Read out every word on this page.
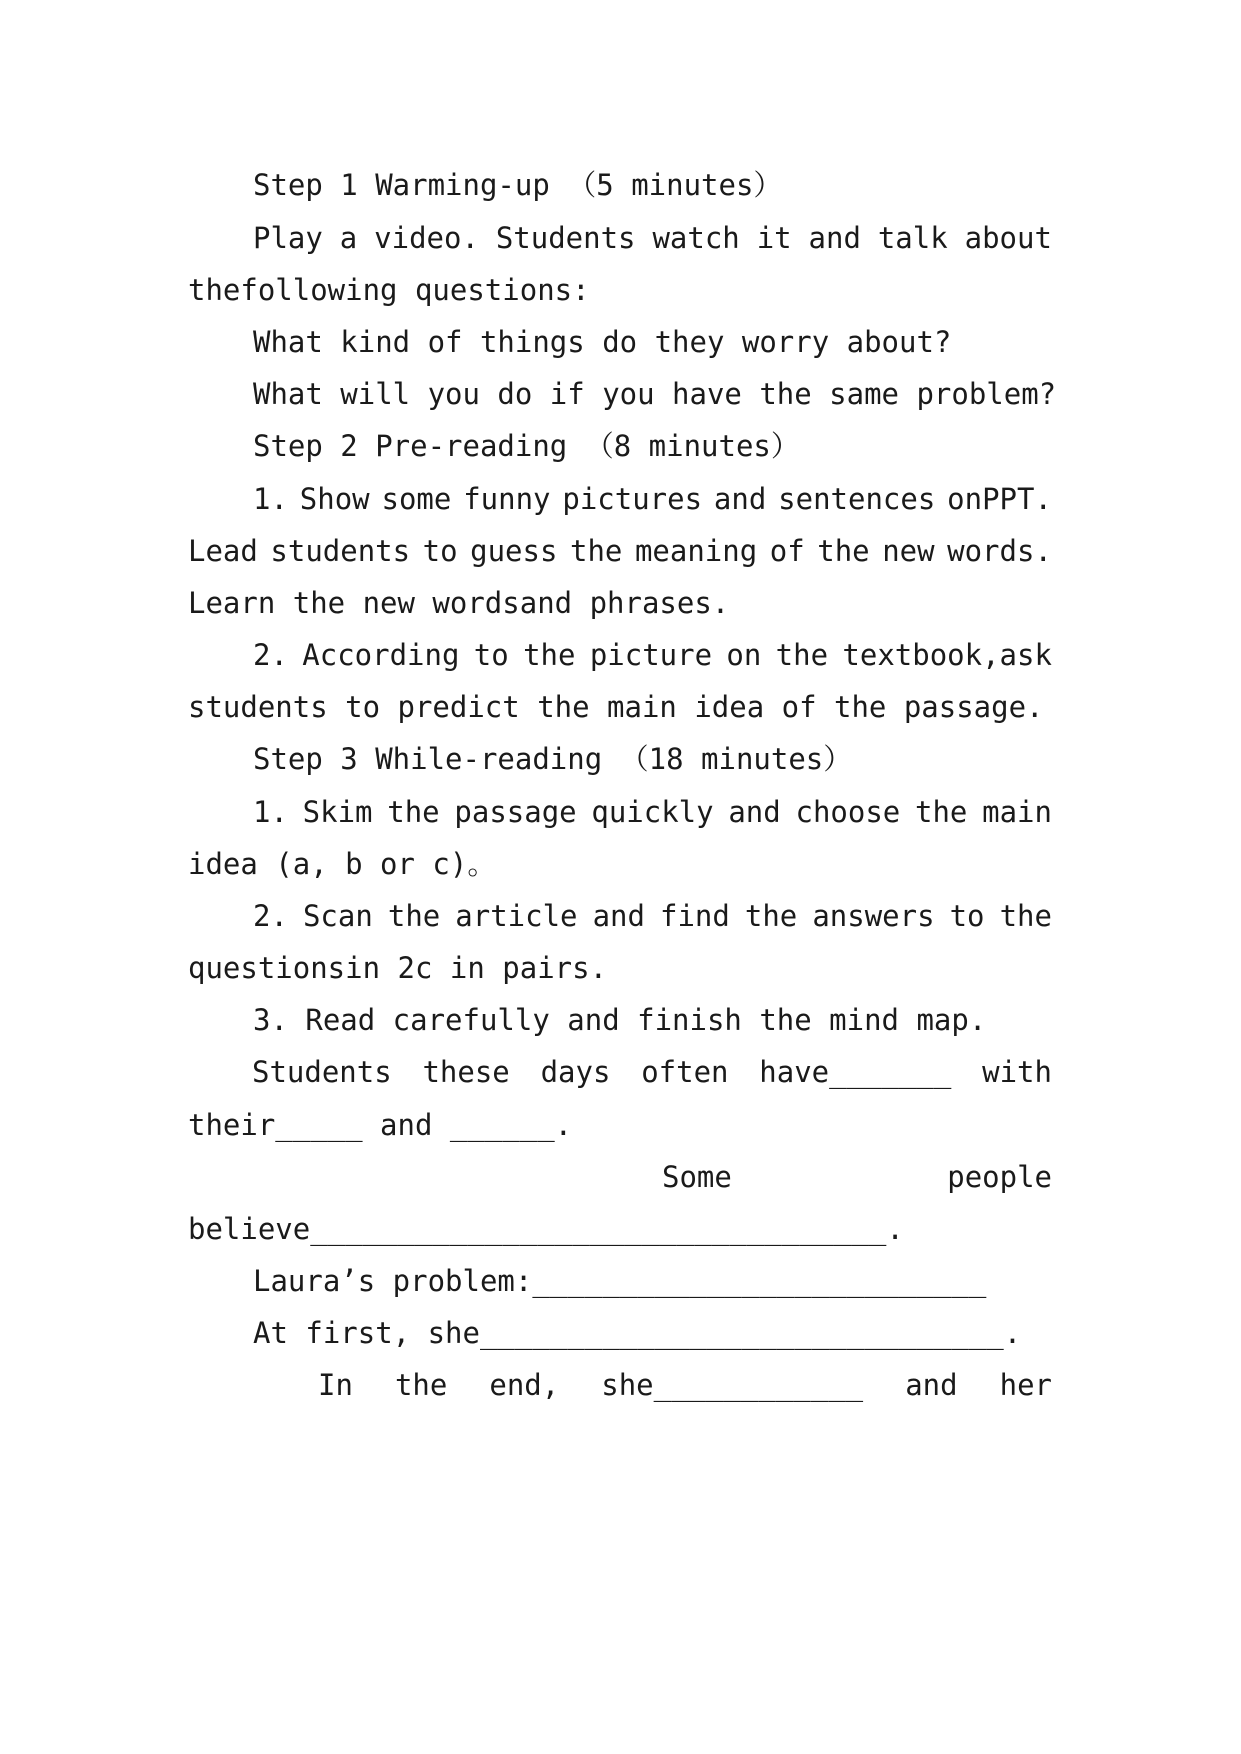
Step 1 Warming-up （5 minutes）

Play a video. Students watch it and talk about

thefollowing questions:

What kind of things do they worry about?

What will you do if you have the same problem?

Step 2 Pre-reading （8 minutes）

1. Show some funny pictures and sentences onPPT.

Lead students to guess the meaning of the new words.

Learn the new wordsand phrases.

2. According to the picture on the textbook,ask

students to predict the main idea of the passage.

Step 3 While-reading （18 minutes）

1. Skim the passage quickly and choose the main

idea (a, b or c)。

2. Scan the article and find the answers to the

questionsin 2c in pairs.

3. Read carefully and finish the mind map.

Students these days often have_______ with

their_____ and ______.

Some	people

believe_________________________________.

Laura’s problem:__________________________

At first, she______________________________.

In the end, she____________ and her
